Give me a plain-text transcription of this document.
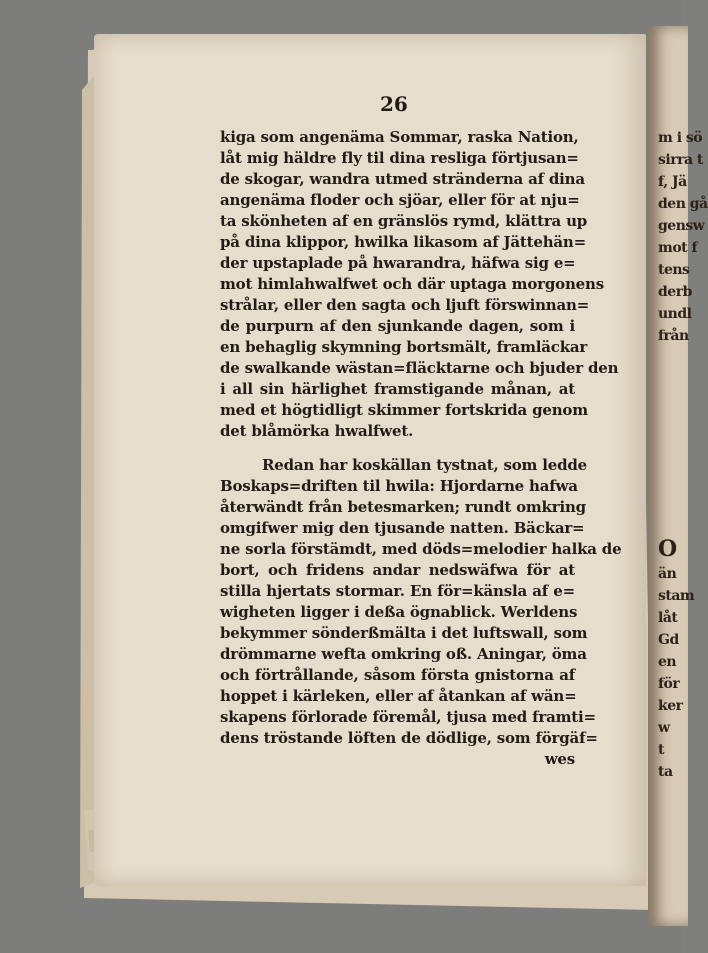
26
kiga som angenäma Sommar, raska Nation,
låt mig häldre fly til dina resliga förtjusan=
de skogar, wandra utmed stränderna af dina
angenäma floder och sjöar, eller för at nju=
ta skönheten af en gränslös rymd, klättra up
på dina klippor, hwilka likasom af Jättehän=
der upstaplade på hwarandra, häfwa sig e=
mot himlahwalfwet och där uptaga morgonens
strålar, eller den sagta och ljuft förswinnan=
de purpurn af den sjunkande dagen, som i
en behaglig skymning bortsmält, framläckar
de swalkande wästan=fläcktarne och bjuder den
i all sin härlighet framstigande månan, at
med et högtidligt skimmer fortskrida genom
det blåmörka hwalfwet.
Redan har koskällan tystnat, som ledde
Boskaps=driften til hwila: Hjordarne hafwa
återwändt från betesmarken; rundt omkring
omgifwer mig den tjusande natten. Bäckar=
ne sorla förstämdt, med döds=melodier halka de
bort, och fridens andar nedswäfwa för at
stilla hjertats stormar. En för=känsla af e=
wigheten ligger i deßa ögnablick. Werldens
bekymmer sönderßmälta i det luftswall, som
drömmarne wefta omkring oß. Aningar, öma
och förtrållande, såsom första gnistorna af
hoppet i kärleken, eller af åtankan af wän=
skapens förlorade föremål, tjusa med framti=
dens tröstande löften de dödlige, som förgäf=
wes
m i sö
sirra t
f, Jä
den gå
gensw
mot f
tens
derb
undl
från
O
än
stam
låt
Gd
en
för
ker
w
t
ta
